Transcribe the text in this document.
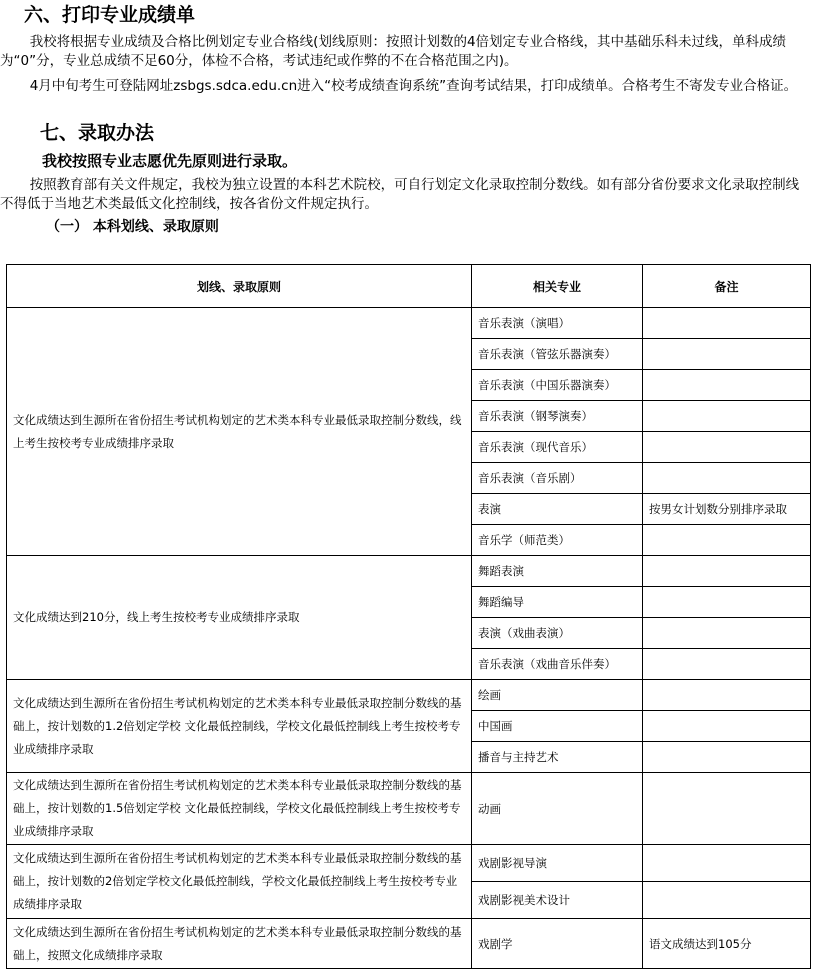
六、打印专业成绩单

我校将根据专业成绩及合格比例划定专业合格线(划线原则：按照计划数的4倍划定专业合格线，其中基础乐科未过线，单科成绩为“0”分，专业总成绩不足60分，体检不合格，考试违纪或作弊的不在合格范围之内)。

4月中旬考生可登陆网址zsbgs.sdca.edu.cn进入“校考成绩查询系统”查询考试结果，打印成绩单。合格考生不寄发专业合格证。

七、录取办法

我校按照专业志愿优先原则进行录取。

按照教育部有关文件规定，我校为独立设置的本科艺术院校，可自行划定文化录取控制分数线。如有部分省份要求文化录取控制线不得低于当地艺术类最低文化控制线，按各省份文件规定执行。

（一） 本科划线、录取原则

划线、录取原则	相关专业	备注
文化成绩达到生源所在省份招生考试机构划定的艺术类本科专业最低录取控制分数线，线上考生按校考专业成绩排序录取	音乐表演（演唱）	
	音乐表演（管弦乐器演奏）	
	音乐表演（中国乐器演奏）	
	音乐表演（钢琴演奏）	
	音乐表演（现代音乐）	
	音乐表演（音乐剧）	
	表演	按男女计划数分别排序录取
	音乐学（师范类）	
文化成绩达到210分，线上考生按校考专业成绩排序录取	舞蹈表演	
	舞蹈编导	
	表演（戏曲表演）	
	音乐表演（戏曲音乐伴奏）	
文化成绩达到生源所在省份招生考试机构划定的艺术类本科专业最低录取控制分数线的基础上，按计划数的1.2倍划定学校 文化最低控制线，学校文化最低控制线上考生按校考专业成绩排序录取	绘画	
	中国画	
	播音与主持艺术	
文化成绩达到生源所在省份招生考试机构划定的艺术类本科专业最低录取控制分数线的基础上，按计划数的1.5倍划定学校 文化最低控制线，学校文化最低控制线上考生按校考专业成绩排序录取	动画	
文化成绩达到生源所在省份招生考试机构划定的艺术类本科专业最低录取控制分数线的基础上，按计划数的2倍划定学校文化最低控制线，学校文化最低控制线上考生按校考专业成绩排序录取	戏剧影视导演	
	戏剧影视美术设计	
文化成绩达到生源所在省份招生考试机构划定的艺术类本科专业最低录取控制分数线的基础上，按照文化成绩排序录取	戏剧学	语文成绩达到105分
